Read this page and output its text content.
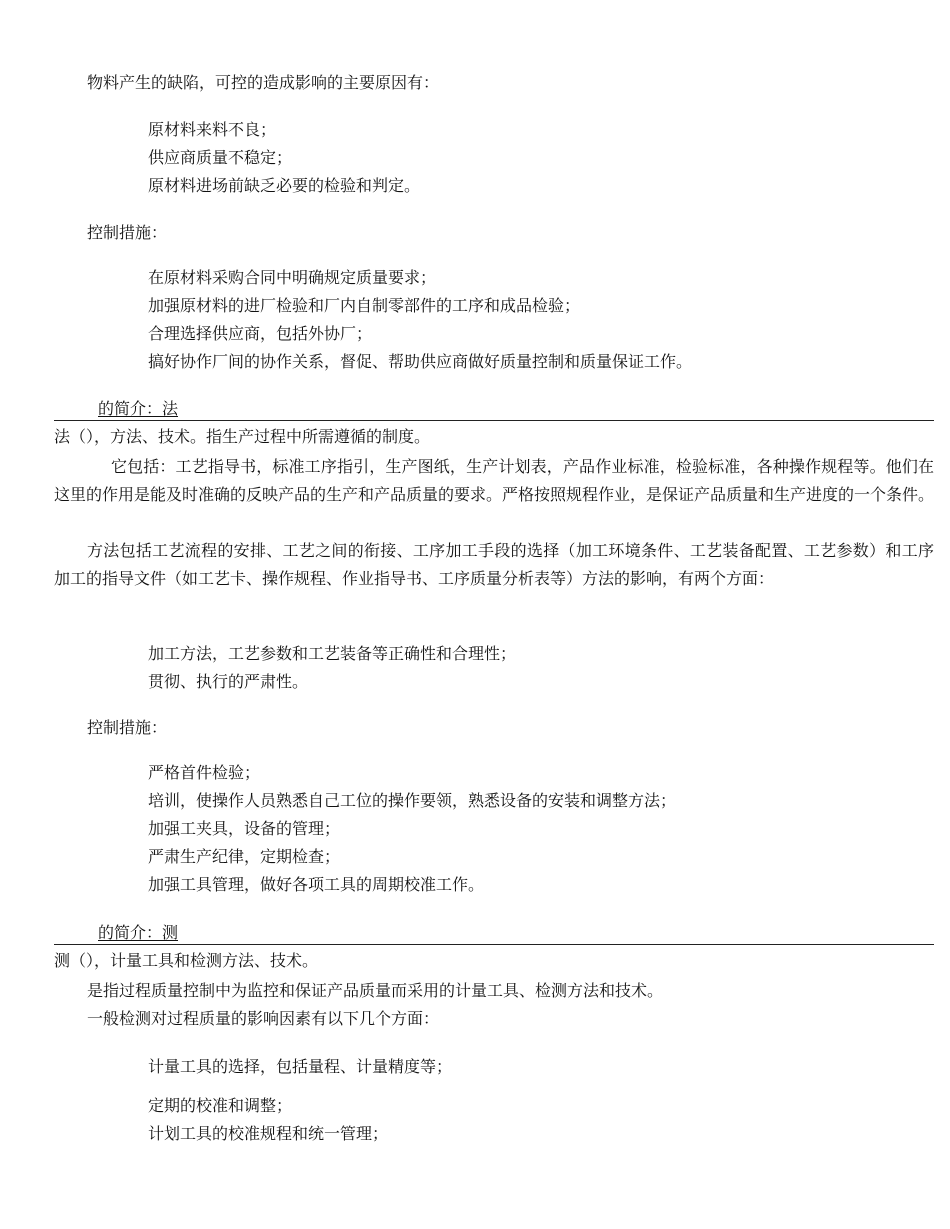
物料产生的缺陷，可控的造成影响的主要原因有：

原材料来料不良；

供应商质量不稳定；

原材料进场前缺乏必要的检验和判定。

控制措施：

在原材料采购合同中明确规定质量要求；

加强原材料的进厂检验和厂内自制零部件的工序和成品检验；

合理选择供应商，包括外协厂；

搞好协作厂间的协作关系，督促、帮助供应商做好质量控制和质量保证工作。

的简介：法

法（），方法、技术。指生产过程中所需遵循的制度。

它包括：工艺指导书，标准工序指引，生产图纸，生产计划表，产品作业标准，检验标准，各种操作规程等。他们在这里的作用是能及时准确的反映产品的生产和产品质量的要求。严格按照规程作业，是保证产品质量和生产进度的一个条件。

方法包括工艺流程的安排、工艺之间的衔接、工序加工手段的选择（加工环境条件、工艺装备配置、工艺参数）和工序加工的指导文件（如工艺卡、操作规程、作业指导书、工序质量分析表等）方法的影响，有两个方面：

加工方法，工艺参数和工艺装备等正确性和合理性；

贯彻、执行的严肃性。

控制措施：

严格首件检验；

培训，使操作人员熟悉自己工位的操作要领，熟悉设备的安装和调整方法；

加强工夹具，设备的管理；

严肃生产纪律，定期检查；

加强工具管理，做好各项工具的周期校准工作。

的简介：测

测（），计量工具和检测方法、技术。

是指过程质量控制中为监控和保证产品质量而采用的计量工具、检测方法和技术。

一般检测对过程质量的影响因素有以下几个方面：

计量工具的选择，包括量程、计量精度等；

定期的校准和调整；

计划工具的校准规程和统一管理；
